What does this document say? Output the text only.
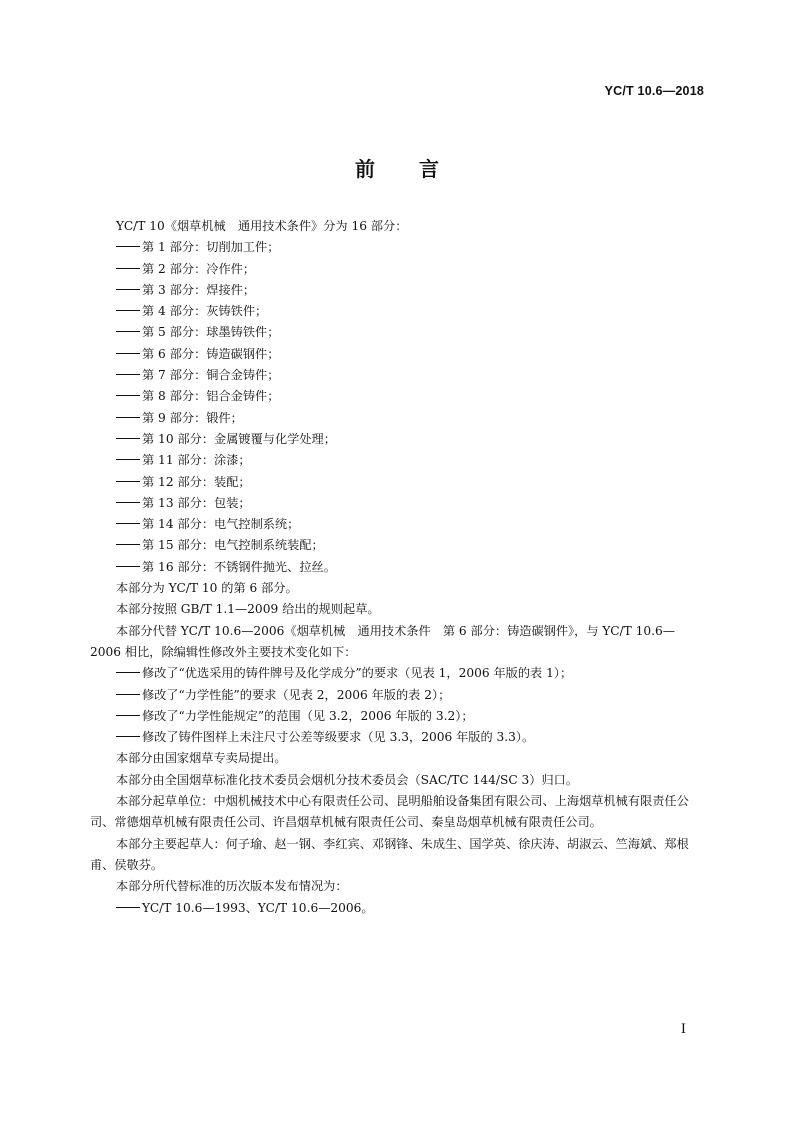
YC/T 10.6—2018
前 言

YC/T 10《烟草机械　通用技术条件》分为 16 部分：

第 1 部分：切削加工件；

第 2 部分：冷作件；

第 3 部分：焊接件；

第 4 部分：灰铸铁件；

第 5 部分：球墨铸铁件；

第 6 部分：铸造碳钢件；

第 7 部分：铜合金铸件；

第 8 部分：铝合金铸件；

第 9 部分：锻件；

第 10 部分：金属镀覆与化学处理；

第 11 部分：涂漆；

第 12 部分：装配；

第 13 部分：包装；

第 14 部分：电气控制系统；

第 15 部分：电气控制系统装配；

第 16 部分：不锈钢件抛光、拉丝。

本部分为 YC/T 10 的第 6 部分。

本部分按照 GB/T 1.1—2009 给出的规则起草。

本部分代替 YC/T 10.6—2006《烟草机械　通用技术条件　第 6 部分：铸造碳钢件》，与 YC/T 10.6—2006 相比，除编辑性修改外主要技术变化如下：

修改了“优选采用的铸件牌号及化学成分”的要求（见表 1，2006 年版的表 1）；

修改了“力学性能”的要求（见表 2，2006 年版的表 2）；

修改了“力学性能规定”的范围（见 3.2，2006 年版的 3.2）；

修改了铸件图样上未注尺寸公差等级要求（见 3.3，2006 年版的 3.3）。

本部分由国家烟草专卖局提出。

本部分由全国烟草标准化技术委员会烟机分技术委员会（SAC/TC 144/SC 3）归口。

本部分起草单位：中烟机械技术中心有限责任公司、昆明船舶设备集团有限公司、上海烟草机械有限责任公司、常德烟草机械有限责任公司、许昌烟草机械有限责任公司、秦皇岛烟草机械有限责任公司。

本部分主要起草人：何子瑜、赵一钢、李红宾、邓钢锋、朱成生、国学英、徐庆涛、胡淑云、竺海斌、郑根甫、侯敬芬。

本部分所代替标准的历次版本发布情况为：

YC/T 10.6—1993、YC/T 10.6—2006。

I
